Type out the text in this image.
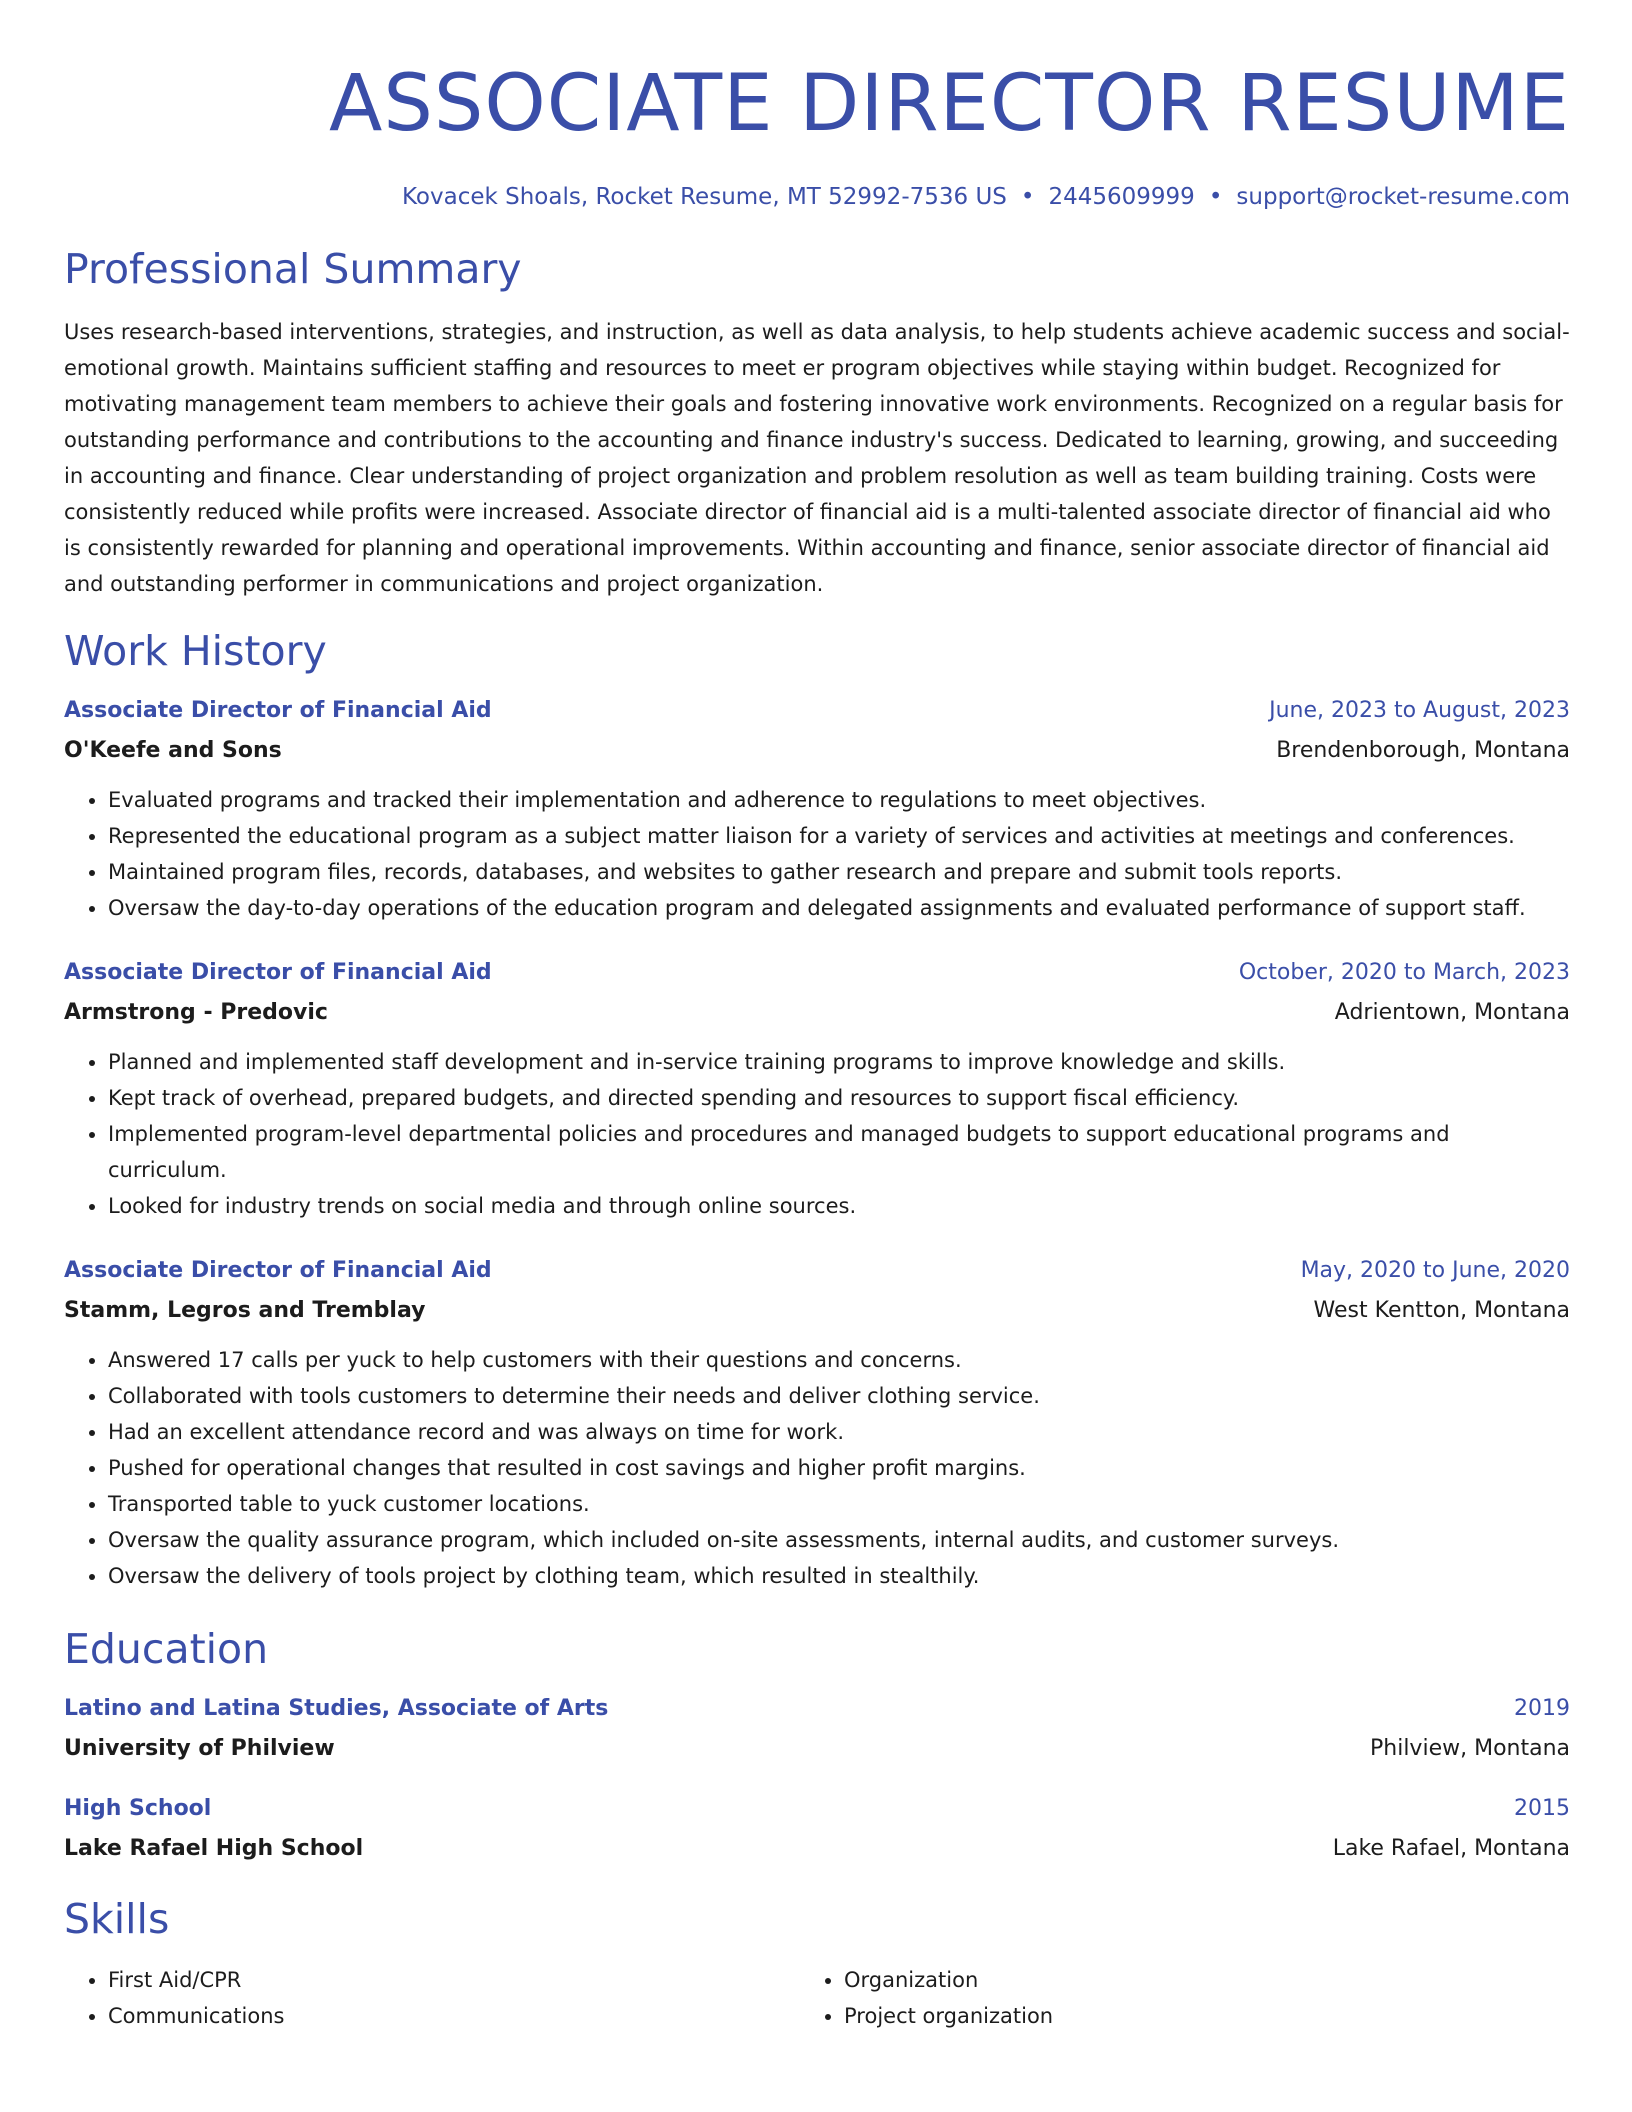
ASSOCIATE DIRECTOR RESUME
Kovacek Shoals, Rocket Resume, MT 52992-7536 US • 2445609999 • support@rocket-resume.com
Professional Summary
Uses research-based interventions, strategies, and instruction, as well as data analysis, to help students achieve academic success and social-emotional growth. Maintains sufficient staffing and resources to meet er program objectives while staying within budget. Recognized for motivating management team members to achieve their goals and fostering innovative work environments. Recognized on a regular basis for outstanding performance and contributions to the accounting and finance industry's success. Dedicated to learning, growing, and succeeding in accounting and finance. Clear understanding of project organization and problem resolution as well as team building training. Costs were consistently reduced while profits were increased. Associate director of financial aid is a multi-talented associate director of financial aid who is consistently rewarded for planning and operational improvements. Within accounting and finance, senior associate director of financial aid and outstanding performer in communications and project organization.
Work History
Associate Director of Financial Aid	June, 2023 to August, 2023
O'Keefe and Sons	Brendenborough, Montana
• Evaluated programs and tracked their implementation and adherence to regulations to meet objectives.
• Represented the educational program as a subject matter liaison for a variety of services and activities at meetings and conferences.
• Maintained program files, records, databases, and websites to gather research and prepare and submit tools reports.
• Oversaw the day-to-day operations of the education program and delegated assignments and evaluated performance of support staff.
Associate Director of Financial Aid	October, 2020 to March, 2023
Armstrong - Predovic	Adrientown, Montana
• Planned and implemented staff development and in-service training programs to improve knowledge and skills.
• Kept track of overhead, prepared budgets, and directed spending and resources to support fiscal efficiency.
• Implemented program-level departmental policies and procedures and managed budgets to support educational programs and curriculum.
• Looked for industry trends on social media and through online sources.
Associate Director of Financial Aid	May, 2020 to June, 2020
Stamm, Legros and Tremblay	West Kentton, Montana
• Answered 17 calls per yuck to help customers with their questions and concerns.
• Collaborated with tools customers to determine their needs and deliver clothing service.
• Had an excellent attendance record and was always on time for work.
• Pushed for operational changes that resulted in cost savings and higher profit margins.
• Transported table to yuck customer locations.
• Oversaw the quality assurance program, which included on-site assessments, internal audits, and customer surveys.
• Oversaw the delivery of tools project by clothing team, which resulted in stealthily.
Education
Latino and Latina Studies, Associate of Arts	2019
University of Philview	Philview, Montana
High School	2015
Lake Rafael High School	Lake Rafael, Montana
Skills
• First Aid/CPR
• Communications
• Organization
• Project organization
